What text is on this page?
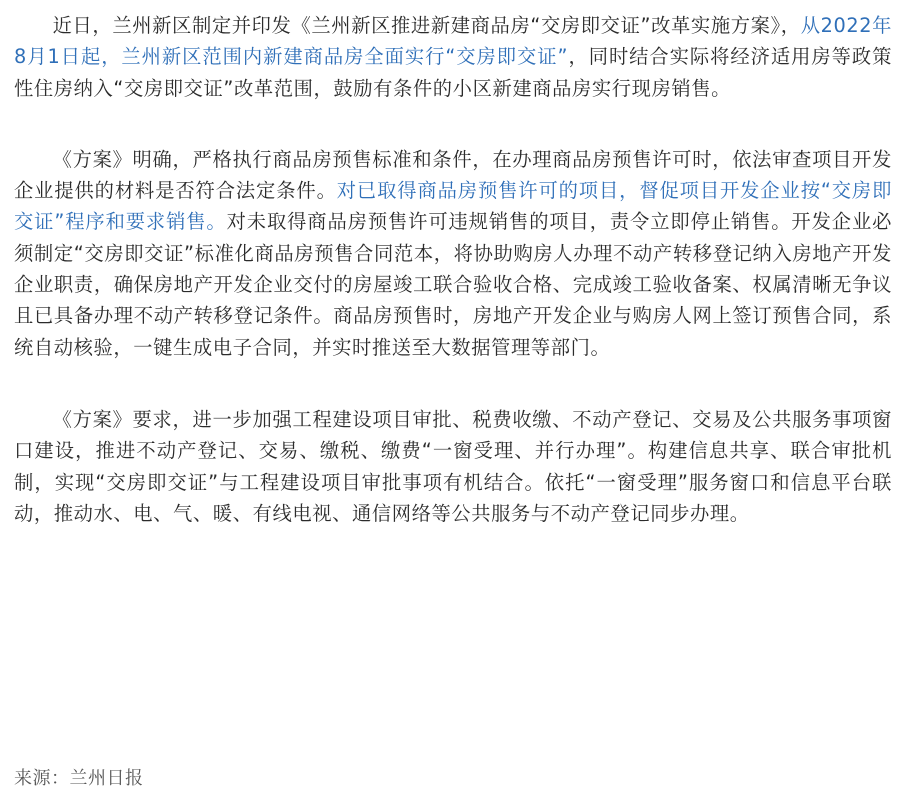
近日，兰州新区制定并印发《兰州新区推进新建商品房“交房即交证”改革实施方案》，从2022年8月1日起，兰州新区范围内新建商品房全面实行“交房即交证”，同时结合实际将经济适用房等政策性住房纳入“交房即交证”改革范围，鼓励有条件的小区新建商品房实行现房销售。

《方案》明确，严格执行商品房预售标准和条件，在办理商品房预售许可时，依法审查项目开发企业提供的材料是否符合法定条件。对已取得商品房预售许可的项目，督促项目开发企业按“交房即交证”程序和要求销售。对未取得商品房预售许可违规销售的项目，责令立即停止销售。开发企业必须制定“交房即交证”标准化商品房预售合同范本，将协助购房人办理不动产转移登记纳入房地产开发企业职责，确保房地产开发企业交付的房屋竣工联合验收合格、完成竣工验收备案、权属清晰无争议且已具备办理不动产转移登记条件。商品房预售时，房地产开发企业与购房人网上签订预售合同，系统自动核验，一键生成电子合同，并实时推送至大数据管理等部门。

《方案》要求，进一步加强工程建设项目审批、税费收缴、不动产登记、交易及公共服务事项窗口建设，推进不动产登记、交易、缴税、缴费“一窗受理、并行办理”。构建信息共享、联合审批机制，实现“交房即交证”与工程建设项目审批事项有机结合。依托“一窗受理”服务窗口和信息平台联动，推动水、电、气、暖、有线电视、通信网络等公共服务与不动产登记同步办理。

来源：兰州日报
